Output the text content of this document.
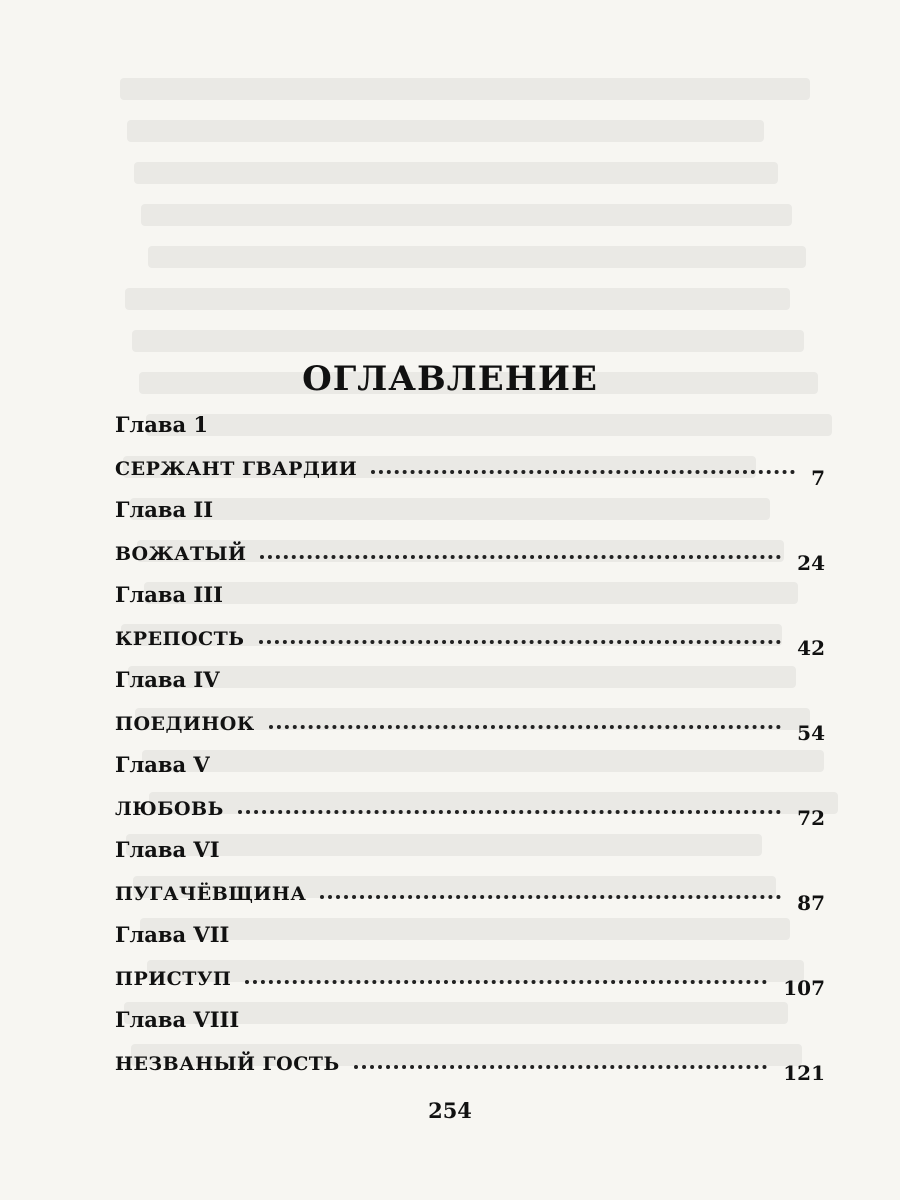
ОГЛАВЛЕНИЕ
Глава 1
СЕРЖАНТ ГВАРДИИ	7
Глава II
ВОЖАТЫЙ	24
Глава III
КРЕПОСТЬ	42
Глава IV
ПОЕДИНОК	54
Глава V
ЛЮБОВЬ	72
Глава VI
ПУГАЧЁВЩИНА	87
Глава VII
ПРИСТУП	107
Глава VIII
НЕЗВАНЫЙ ГОСТЬ	121
254
